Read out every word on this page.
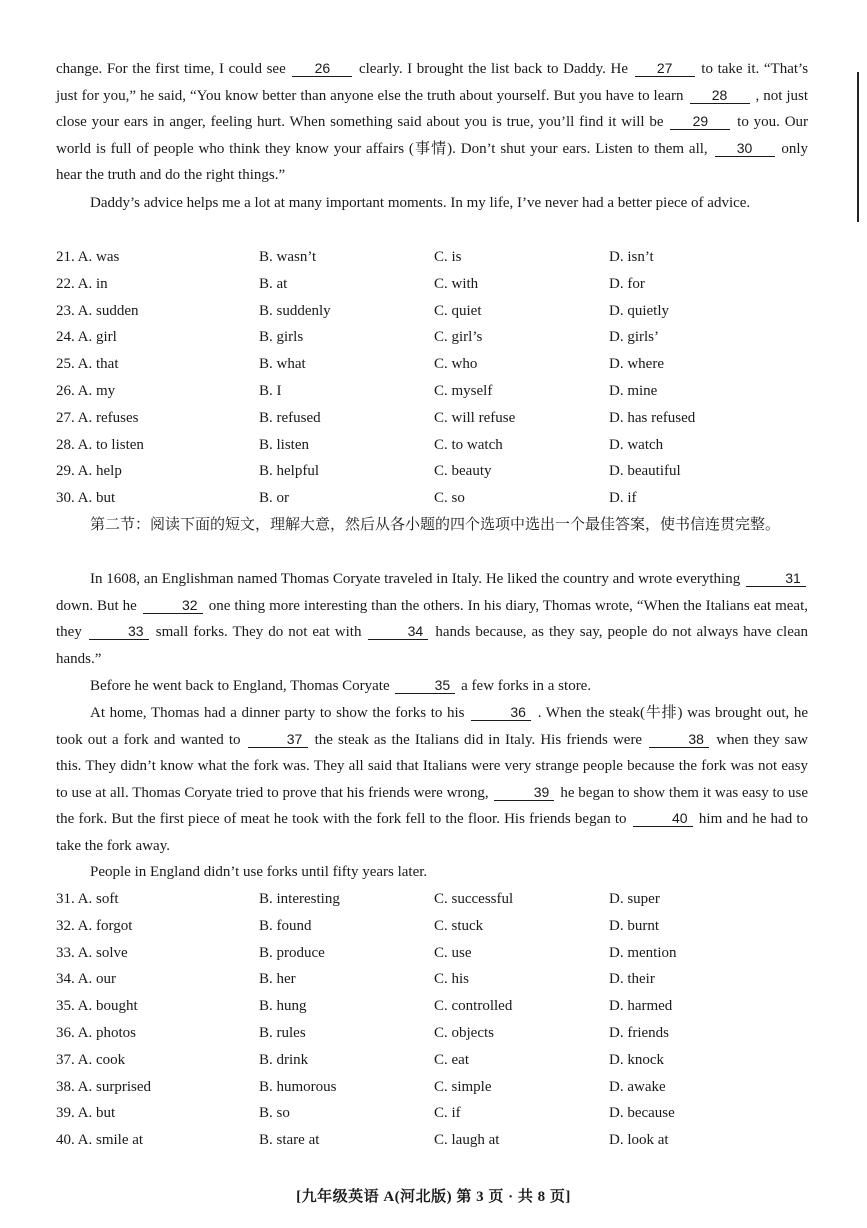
change. For the first time, I could see 26 clearly. I brought the list back to Daddy. He 27 to take it. “That’s just for you,” he said, “You know better than anyone else the truth about yourself. But you have to learn 28 , not just close your ears in anger, feeling hurt. When something said about you is true, you’ll find it will be 29 to you. Our world is full of people who think they know your affairs (事情). Don’t shut your ears. Listen to them all, 30 only hear the truth and do the right things.”

Daddy’s advice helps me a lot at many important moments. In my life, I’ve never had a better piece of advice.

21. A. was	B. wasn’t	C. is	D. isn’t
22. A. in	B. at	C. with	D. for
23. A. sudden	B. suddenly	C. quiet	D. quietly
24. A. girl	B. girls	C. girl’s	D. girls’
25. A. that	B. what	C. who	D. where
26. A. my	B. I	C. myself	D. mine
27. A. refuses	B. refused	C. will refuse	D. has refused
28. A. to listen	B. listen	C. to watch	D. watch
29. A. help	B. helpful	C. beauty	D. beautiful
30. A. but	B. or	C. so	D. if

第二节：阅读下面的短文，理解大意，然后从各小题的四个选项中选出一个最佳答案，使书信连贯完整。

In 1608, an Englishman named Thomas Coryate traveled in Italy. He liked the country and wrote everything	31 down. But he	32 one thing more interesting than the others. In his diary, Thomas wrote, “When the Italians eat meat, they	33 small forks. They do not eat with	34 hands because, as they say, people do not always have clean hands.”

Before he went back to England, Thomas Coryate	35 a few forks in a store.

At home, Thomas had a dinner party to show the forks to his	36 . When the steak(牛排) was brought out, he took out a fork and wanted to	37 the steak as the Italians did in Italy. His friends were	38 when they saw this. They didn’t know what the fork was. They all said that Italians were very strange people because the fork was not easy to use at all. Thomas Coryate tried to prove that his friends were wrong,	39 he began to show them it was easy to use the fork. But the first piece of meat he took with the fork fell to the floor. His friends began to	40 him and he had to take the fork away.

People in England didn’t use forks until fifty years later.

31. A. soft	B. interesting	C. successful	D. super
32. A. forgot	B. found	C. stuck	D. burnt
33. A. solve	B. produce	C. use	D. mention
34. A. our	B. her	C. his	D. their
35. A. bought	B. hung	C. controlled	D. harmed
36. A. photos	B. rules	C. objects	D. friends
37. A. cook	B. drink	C. eat	D. knock
38. A. surprised	B. humorous	C. simple	D. awake
39. A. but	B. so	C. if	D. because
40. A. smile at	B. stare at	C. laugh at	D. look at
[九年级英语 A(河北版) 第 3 页 · 共 8 页]
